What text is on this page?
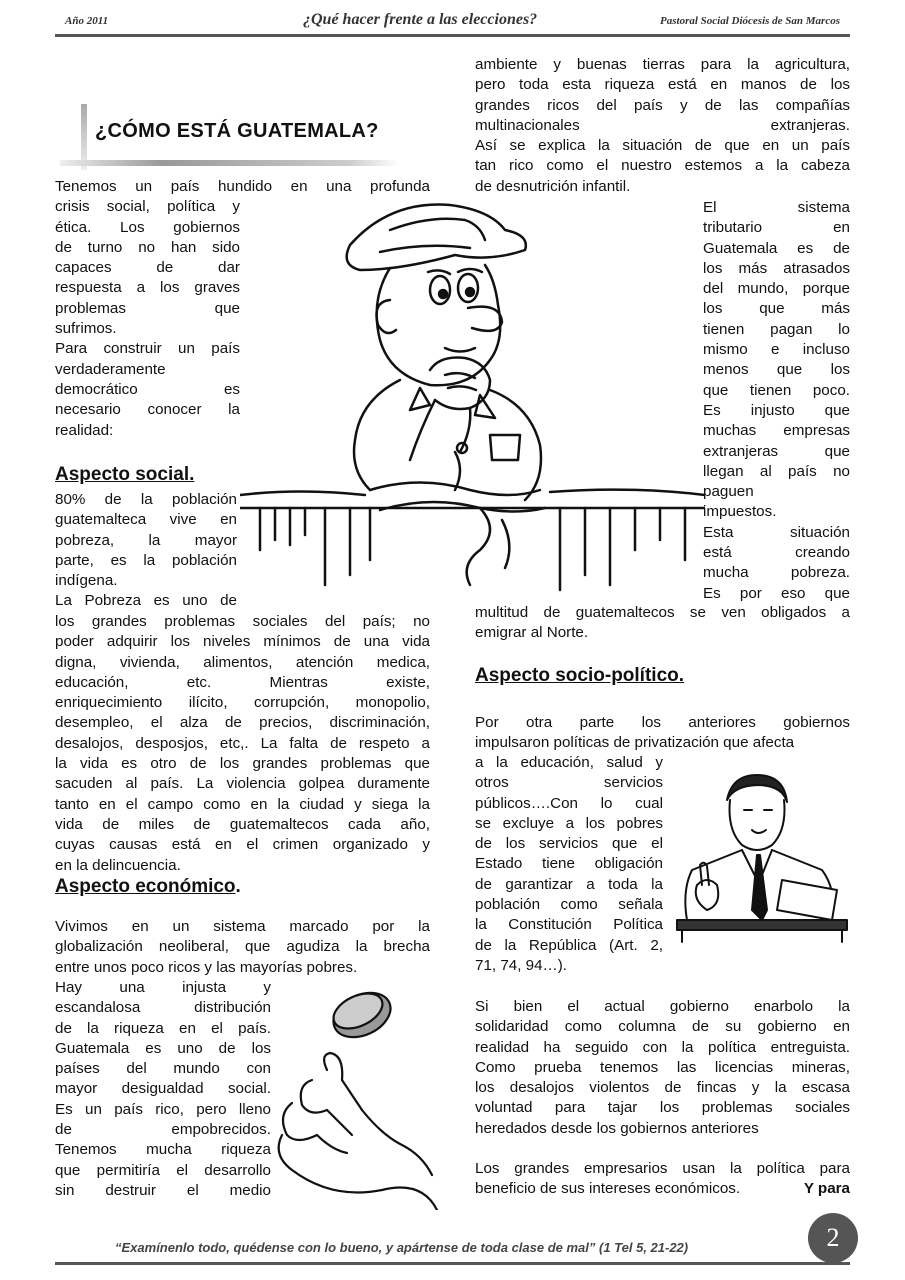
Año 2011	¿Qué hacer frente a las elecciones?	Pastoral Social Diócesis de San Marcos
¿CÓMO ESTÁ GUATEMALA?
Tenemos un país hundido en una profunda
crisis social, política y
ética. Los gobiernos
de turno no han sido
capaces de dar
respuesta a los graves
problemas que
sufrimos.
Para construir un país
verdaderamente
democrático es
necesario conocer la
realidad:
Aspecto social.
80% de la población
guatemalteca vive en
pobreza, la mayor
parte, es la población
indígena.
La Pobreza es uno de
los grandes problemas sociales del país; no
poder adquirir los niveles mínimos de una vida
digna, vivienda, alimentos, atención medica,
educación, etc. Mientras existe,
enriquecimiento ilícito, corrupción, monopolio,
desempleo, el alza de precios, discriminación,
desalojos, desposjos, etc,. La falta de respeto a
la vida es otro de los grandes problemas que
sacuden al país. La violencia golpea duramente
tanto en el campo como en la ciudad y siega la
vida de miles de guatemaltecos cada año,
cuyas causas está en el crimen organizado y
en la delincuencia.
Aspecto económico.
Vivimos en un sistema marcado por la
globalización neoliberal, que agudiza la brecha
entre unos poco ricos y las mayorías pobres.
Hay una injusta y
escandalosa distribución
de la riqueza en el país.
Guatemala es uno de los
países del mundo con
mayor desigualdad social.
Es un país rico, pero lleno
de empobrecidos.
Tenemos mucha riqueza
que permitiría el desarrollo
sin destruir el medio
ambiente y buenas tierras para la agricultura,
pero toda esta riqueza está en manos de los
grandes ricos del país y de las compañías
multinacionales extranjeras.
Así se explica la situación de que en un país
tan rico como el nuestro estemos a la cabeza
de desnutrición infantil.
El sistema
tributario en
Guatemala es de
los más atrasados
del mundo, porque
los que más
tienen pagan lo
mismo e incluso
menos que los
que tienen poco.
Es injusto que
muchas empresas
extranjeras que
llegan al país no
paguen
impuestos.
Esta situación
está creando
mucha pobreza.
Es por eso que
multitud de guatemaltecos se ven obligados a
emigrar al Norte.
Aspecto socio-político.
Por otra parte los anteriores gobiernos
impulsaron políticas de privatización que afecta
a la educación, salud y
otros servicios
públicos….Con lo cual
se excluye a los pobres
de los servicios que el
Estado tiene obligación
de garantizar a toda la
población como señala
la Constitución Política
de la República (Art. 2,
71, 74, 94…).
Si bien el actual gobierno enarbolo la
solidaridad como columna de su gobierno en
realidad ha seguido con la política entreguista.
Como prueba tenemos las licencias mineras,
los desalojos violentos de fincas y la escasa
voluntad para tajar los problemas sociales
heredados desde los gobiernos anteriores
Los grandes empresarios usan la política para
beneficio de sus intereses económicos.	Y para
“Examínenlo todo, quédense con lo bueno, y apártense de toda clase de mal” (1 Tel 5, 21-22)	2
